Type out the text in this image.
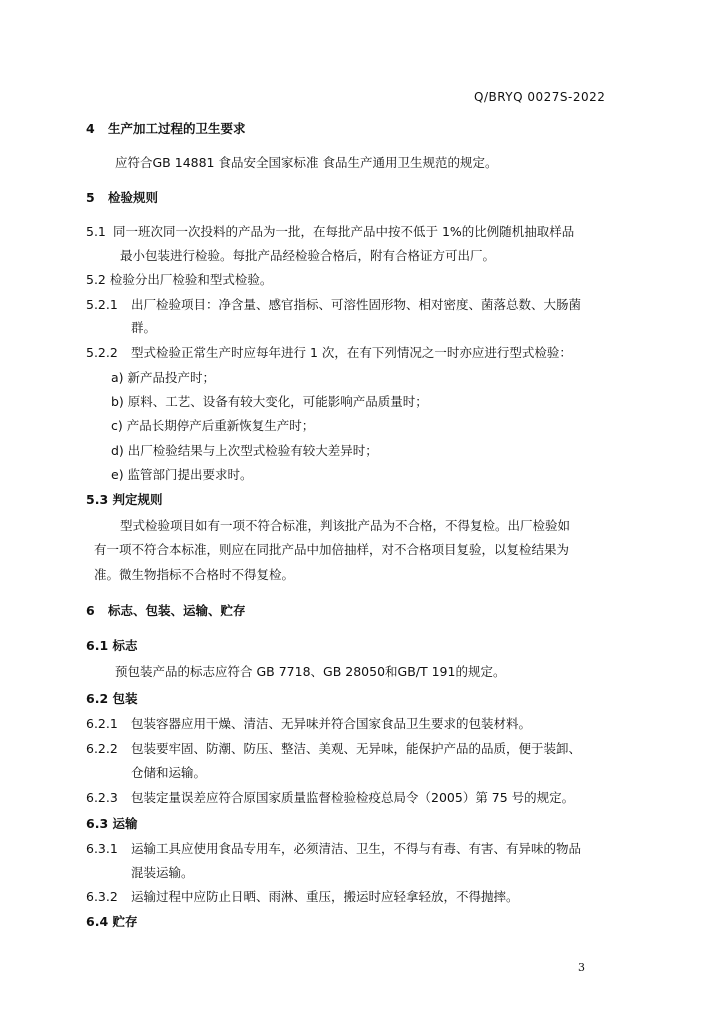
Q/BRYQ 0027S-2022
4 生产加工过程的卫生要求
应符合GB 14881 食品安全国家标准 食品生产通用卫生规范的规定。
5 检验规则
5.1 同一班次同一次投料的产品为一批，在每批产品中按不低于 1%的比例随机抽取样品
最小包装进行检验。每批产品经检验合格后，附有合格证方可出厂。
5.2 检验分出厂检验和型式检验。
5.2.1 出厂检验项目：净含量、感官指标、可溶性固形物、相对密度、菌落总数、大肠菌
群。
5.2.2 型式检验正常生产时应每年进行 1 次，在有下列情况之一时亦应进行型式检验：
a) 新产品投产时；
b) 原料、工艺、设备有较大变化，可能影响产品质量时；
c) 产品长期停产后重新恢复生产时；
d) 出厂检验结果与上次型式检验有较大差异时；
e) 监管部门提出要求时。
5.3 判定规则
型式检验项目如有一项不符合标准，判该批产品为不合格，不得复检。出厂检验如
有一项不符合本标准，则应在同批产品中加倍抽样，对不合格项目复验，以复检结果为
准。微生物指标不合格时不得复检。
6 标志、包装、运输、贮存
6.1 标志
预包装产品的标志应符合 GB 7718、GB 28050和GB/T 191的规定。
6.2 包装
6.2.1 包装容器应用干燥、清洁、无异味并符合国家食品卫生要求的包装材料。
6.2.2 包装要牢固、防潮、防压、整洁、美观、无异味，能保护产品的品质，便于装卸、
仓储和运输。
6.2.3 包装定量误差应符合原国家质量监督检验检疫总局令（2005）第 75 号的规定。
6.3 运输
6.3.1 运输工具应使用食品专用车，必须清洁、卫生，不得与有毒、有害、有异味的物品
混装运输。
6.3.2 运输过程中应防止日晒、雨淋、重压，搬运时应轻拿轻放，不得抛摔。
6.4 贮存
3
